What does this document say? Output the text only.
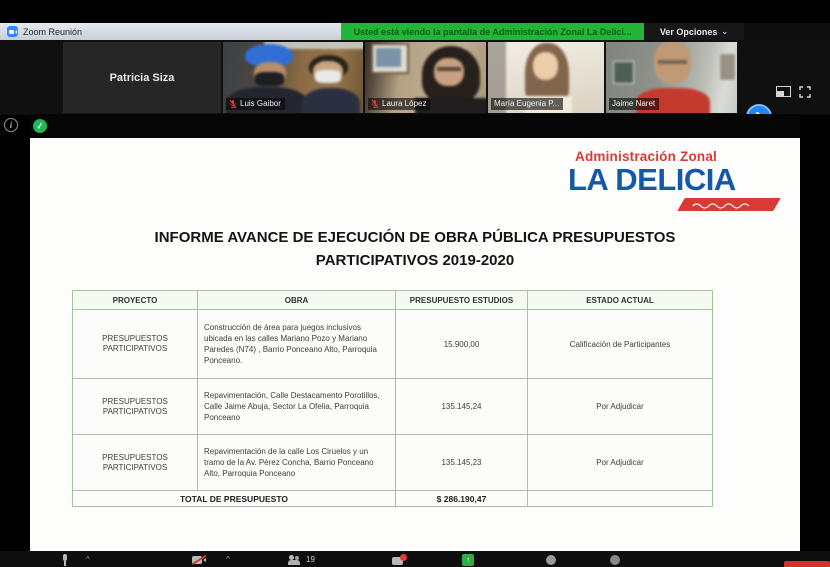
Zoom Reunión	Usted está viendo la pantalla de Administración Zonal La Delici...	Ver Opciones ⌄
Patricia Siza
Luis Gaibor	Laura López	María Eugenia P...	Jaime Naret
i	✓
Administración Zonal
LA DELICIA
INFORME AVANCE DE EJECUCIÓN DE OBRA PÚBLICA PRESUPUESTOS
PARTICIPATIVOS 2019-2020
PROYECTO	OBRA	PRESUPUESTO ESTUDIOS	ESTADO ACTUAL
PRESUPUESTOS PARTICIPATIVOS	Construcción de área para juegos inclusivos ubicada en las calles Mariano Pozo y Mariano Paredes (N74) , Barrio Ponceano Alto, Parroquia Ponceano.	15.900,00	Calificación de Participantes
PRESUPUESTOS PARTICIPATIVOS	Repavimentación, Calle Destacamento Porotillos, Calle Jaime Abuja, Sector La Ofelia, Parroquia Ponceano	135.145,24	Por Adjudicar
PRESUPUESTOS PARTICIPATIVOS	Repavimentación de la calle Los Ciruelos y un tramo de la Av. Pérez Concha, Barrio Ponceano Alto, Parroquia Ponceano	135.145,23	Por Adjudicar
TOTAL DE PRESUPUESTO		$ 286.190,47	
^	^	19	↑
